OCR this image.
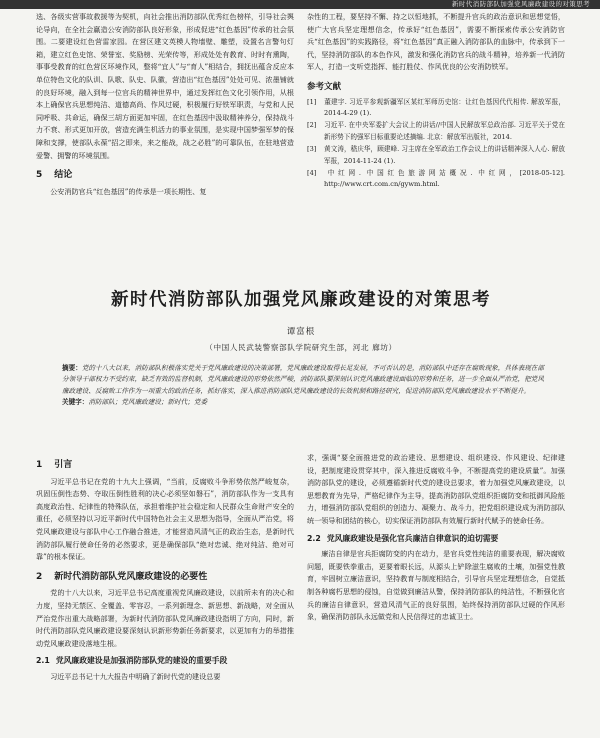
新时代消防部队加强党风廉政建设的对策思考

选、各级实营事故救援等为契机，向社会推出消防部队优秀红色榜样，引导社会舆论导向，在全社会赢造公安消防部队良好形象，形成促进“红色基因”传承的社会氛围。二要建设红色营雷家园。在营区建文英模人物墙壁、雕塑，设置名言警句灯箱，建立红色史馆、荣誉室、奖励榜、光荣传等，形成处处有教育、时时有熏陶，事事受教育的红色营区环境作风，整将“宜人”与“育人”相结合，拥抚出蕴含反应本单位特色文化的队训、队歌、队史、队徽，营造出“红色基因”处处可见、浓墨铺就的良好环境，融入到每一位官兵的精神世界中，通过发挥红色文化引领作用，从根本上确保官兵思想纯洁、道德高尚、作风过硬，积极履行好铁军职责，与党和人民同呼吸、共命运，确保三胡方面更加牢固，在红色基因中汲取精神养分，保持战斗力不衰、形式更加开放，营造充满生机活力的事业氛围，是实现中国梦强军梦的保障和支撑，使部队永葆“招之即来，来之能战，战之必胜”的可靠队伍，在驻地营造爱警、拥警的环境氛围。

5 结论

公安消防官兵“红色基因”的传承是一项长期性、复

杂性的工程，要坚持不懈、持之以恒地抓，不断提升官兵的政治意识和思想觉悟，使广大官兵坚定理想信念，传承好“红色基因”，需要不断探索传承公安消防官兵“红色基因”的实践路径，将“红色基因”真正融入消防部队的血脉中，传承到下一代，坚持消防部队的本色作风，激发和强化消防官兵的战斗精神，培养新一代消防军人，打造一支听党指挥、能打胜仗、作风优良的公安消防铁军。

参考文献
[1] 董建宇. 习近平参观新疆军区某红军师历史馆：让红色基因代代相传. 解放军报，2014-4-29 (1).
[2] 习近平. 在中央军委扩大会议上的讲话//中国人民解放军总政治部. 习近平关于党在新形势下的强军目标重要论述摘编. 北京：解放军出版社，2014.
[3] 黄文涛，嵇庆华，顾建峰. 习主席在全军政治工作会议上的讲话精神深入人心. 解放军报，2014-11-24 (1).
[4] 中红网. 中国红色旅游网站概况. 中红网，[2018-05-12]. http://www.crt.com.cn/gywm.html.
新时代消防部队加强党风廉政建设的对策思考
谭富根
（中国人民武装警察部队学院研究生部，河北 廊坊）
摘要：党的十八大以来，消防部队积极落实党关于党风廉政建设的决策部署，党风廉政建设取得长足发展，不可否认的是，消防部队中还存在腐败现象，具体表现在部分领导干部权力不受约束，缺乏有效的监督机制，党风廉政建设的形势依然严峻，消防部队要深刻认识党风廉政建设面临的形势和任务，进一步全面从严治党，把党风廉政建设、反腐败工作作为一项重大的政治任务，抓好落实，深入推进消防部队党风廉政建设的长效机制和路径研究，促进消防部队党风廉政建设水平不断提升。
关键字：消防部队；党风廉政建设；新时代；党委
1 引言

习近平总书记在党的十九大上强调，“当前，反腐败斗争形势依然严峻复杂，巩固压倒性态势、夺取压倒性胜利的决心必须坚如磐石”，消防部队作为一支具有高度政治性、纪律性的特殊队伍，承担着维护社会稳定和人民群众生命财产安全的重任，必须坚持以习近平新时代中国特色社会主义思想为指导，全面从严治党，将党风廉政建设与部队中心工作融合推进，才能营造风清气正的政治生态，是新时代消防部队履行使命任务的必然要求，更是确保部队“绝对忠诚、绝对纯洁、绝对可靠”的根本保证。

2 新时代消防部队党风廉政建设的必要性

党的十八大以来，习近平总书记高度重视党风廉政建设，以前所未有的决心和力度，坚持无禁区、全覆盖、零容忍，一系列新理念、新思想、新战略，对全面从严治党作出重大战略部署，为新时代消防部队党风廉政建设指明了方向，同时，新时代消防部队党风廉政建设要深刻认识新形势新任务新要求，以更加有力的举措推动党风廉政建设落地生根。

2.1 党风廉政建设是加强消防部队党的建设的重要手段

习近平总书记十九大报告中明确了新时代党的建设总要

求，强调“要全面推进党的政治建设、思想建设、组织建设、作风建设、纪律建设，把制度建设贯穿其中，深入推进反腐败斗争，不断提高党的建设质量”。加强消防部队党的建设，必须遵循新时代党的建设总要求，着力加强党风廉政建设，以思想教育为先导，严格纪律作为主导，提高消防部队党组织拒腐防变和抵御风险能力，增强消防部队党组织的创造力、凝聚力、战斗力，把党组织建设成为消防部队统一领导和团结的核心，切实保证消防部队有效履行新时代赋予的使命任务。

2.2 党风廉政建设是强化官兵廉洁自律意识的迫切需要

廉洁自律是官兵拒腐防变的内在动力，是官兵党性纯洁的重要表现，解决腐败问题，既要铁拳重击，更要着眼长远，从源头上铲除滋生腐败的土壤，加强党性教育，牢固树立廉洁意识，坚持教育与制度相结合，引导官兵坚定理想信念，自觉抵制各种腐朽思想的侵蚀，自觉做到廉洁从警，保持消防部队的纯洁性，不断强化官兵的廉洁自律意识，营造风清气正的良好氛围，始终保持消防部队过硬的作风形象，确保消防部队永远做党和人民信得过的忠诚卫士。
